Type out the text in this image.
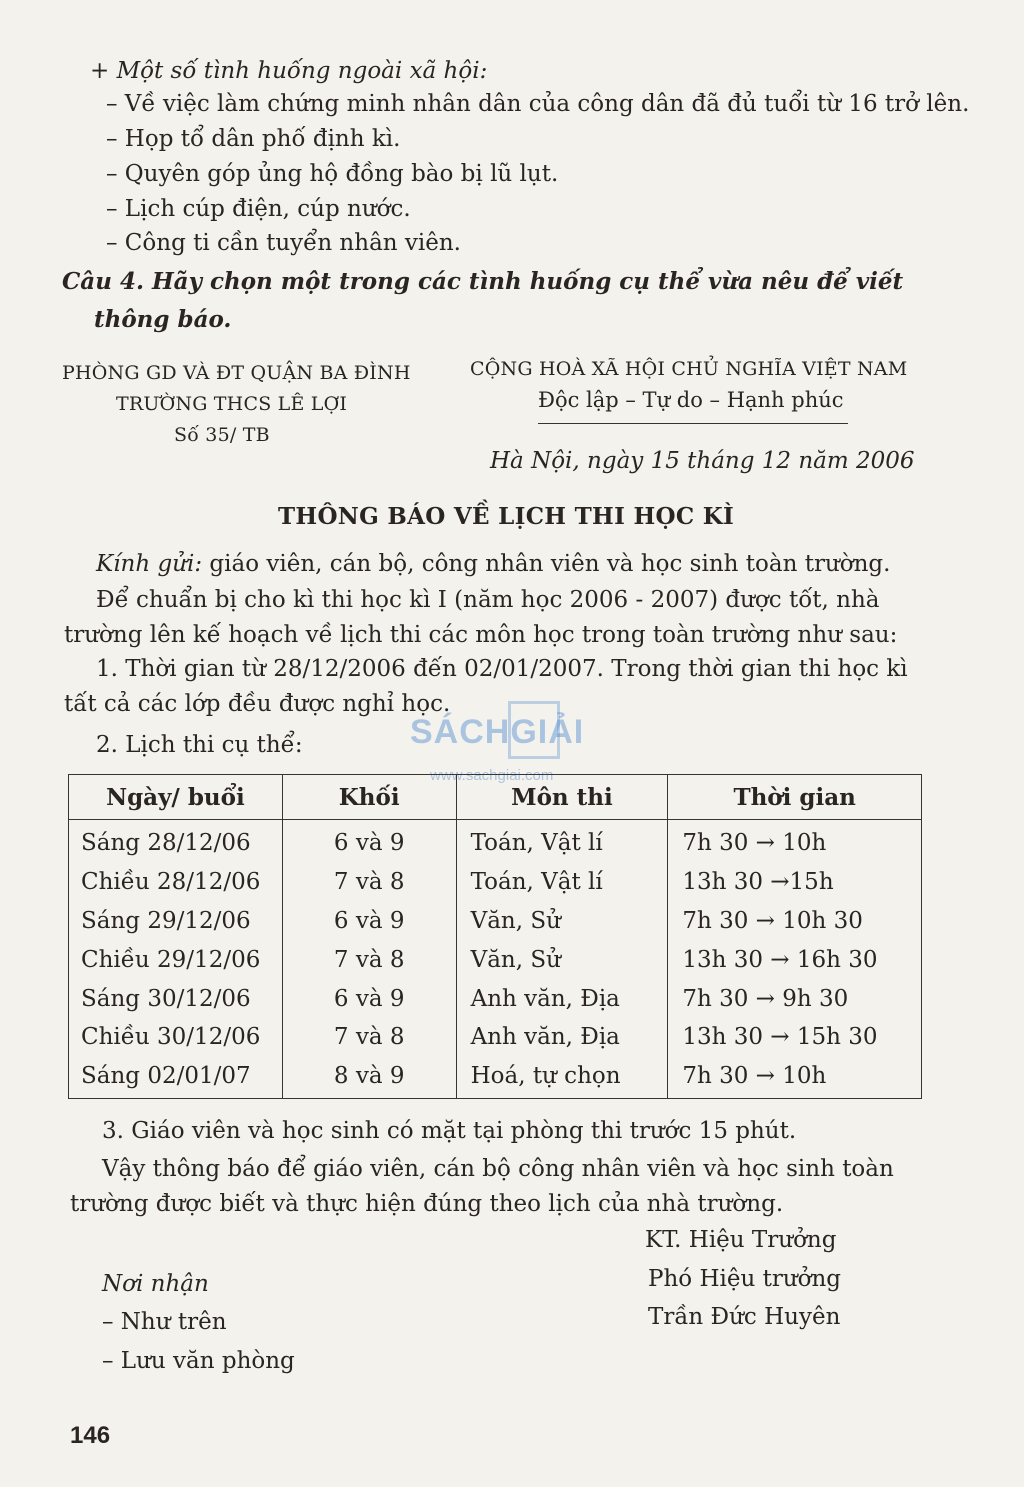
+ Một số tình huống ngoài xã hội:
– Về việc làm chứng minh nhân dân của công dân đã đủ tuổi từ 16 trở lên.
– Họp tổ dân phố định kì.
– Quyên góp ủng hộ đồng bào bị lũ lụt.
– Lịch cúp điện, cúp nước.
– Công ti cần tuyển nhân viên.
Câu 4. Hãy chọn một trong các tình huống cụ thể vừa nêu để viết
thông báo.
PHÒNG GD VÀ ĐT QUẬN BA ĐÌNH
TRƯỜNG THCS LÊ LỢI
Số 35/ TB
CỘNG HOÀ XÃ HỘI CHỦ NGHĨA VIỆT NAM
Độc lập – Tự do – Hạnh phúc
Hà Nội, ngày 15 tháng 12 năm 2006
THÔNG BÁO VỀ LỊCH THI HỌC KÌ
Kính gửi: giáo viên, cán bộ, công nhân viên và học sinh toàn trường.
Để chuẩn bị cho kì thi học kì I (năm học 2006 - 2007) được tốt, nhà
trường lên kế hoạch về lịch thi các môn học trong toàn trường như sau:
1. Thời gian từ 28/12/2006 đến 02/01/2007. Trong thời gian thi học kì
tất cả các lớp đều được nghỉ học.
2. Lịch thi cụ thể:	SÁCHGIẢI
www.sachgiai.com
Ngày/ buổi	Khối	Môn thi	Thời gian
Sáng 28/12/06	6 và 9	Toán, Vật lí	7h 30 → 10h
Chiều 28/12/06	7 và 8	Toán, Vật lí	13h 30 →15h
Sáng 29/12/06	6 và 9	Văn, Sử	7h 30 → 10h 30
Chiều 29/12/06	7 và 8	Văn, Sử	13h 30 → 16h 30
Sáng 30/12/06	6 và 9	Anh văn, Địa	7h 30 → 9h 30
Chiều 30/12/06	7 và 8	Anh văn, Địa	13h 30 → 15h 30
Sáng 02/01/07	8 và 9	Hoá, tự chọn	7h 30 → 10h
3. Giáo viên và học sinh có mặt tại phòng thi trước 15 phút.
Vậy thông báo để giáo viên, cán bộ công nhân viên và học sinh toàn
trường được biết và thực hiện đúng theo lịch của nhà trường.
KT. Hiệu Trưởng
Phó Hiệu trưởng
Trần Đức Huyên
Nơi nhận
– Như trên
– Lưu văn phòng
146
